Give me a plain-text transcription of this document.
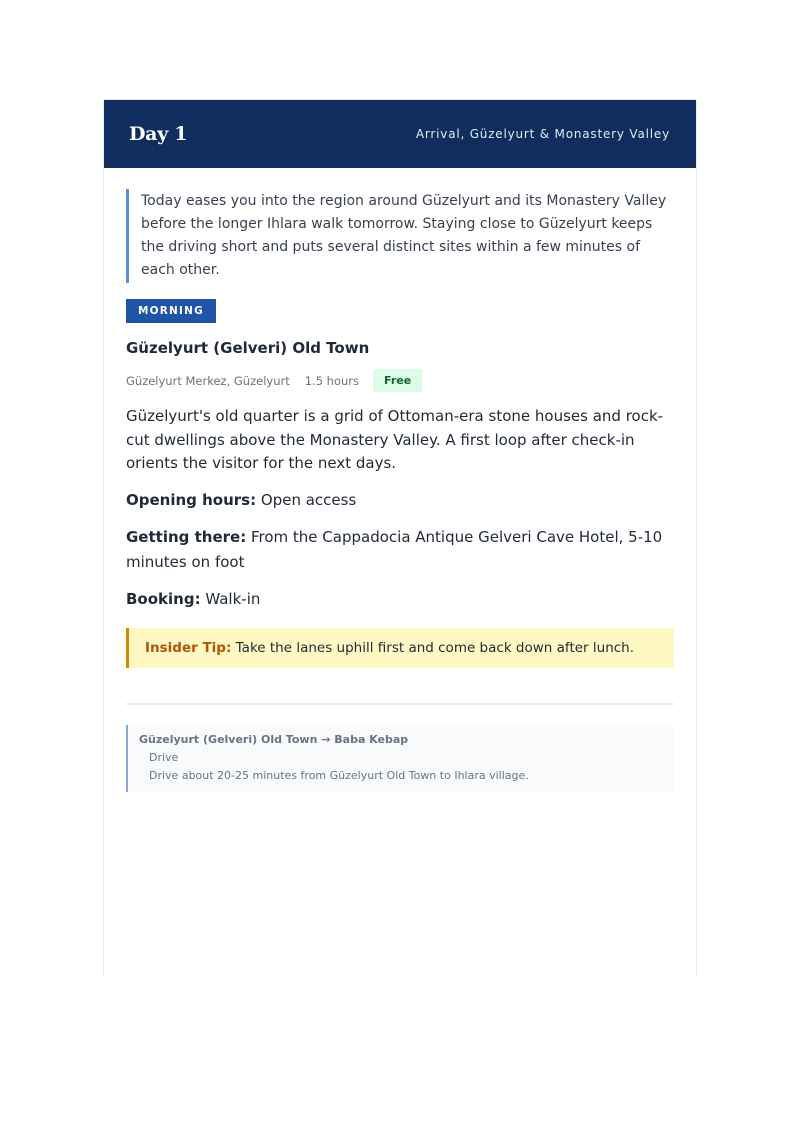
Day 1	Arrival, Güzelyurt & Monastery Valley
Today eases you into the region around Güzelyurt and its Monastery Valley before the longer Ihlara walk tomorrow. Staying close to Güzelyurt keeps the driving short and puts several distinct sites within a few minutes of each other.
MORNING
Güzelyurt (Gelveri) Old Town
Güzelyurt Merkez, Güzelyurt 1.5 hours	Free
Güzelyurt's old quarter is a grid of Ottoman-era stone houses and rock-cut dwellings above the Monastery Valley. A first loop after check-in orients the visitor for the next days.
Opening hours: Open access
Getting there: From the Cappadocia Antique Gelveri Cave Hotel, 5-10 minutes on foot
Booking: Walk-in
Insider Tip: Take the lanes uphill first and come back down after lunch.
Güzelyurt (Gelveri) Old Town → Baba Kebap
Drive
Drive about 20-25 minutes from Güzelyurt Old Town to Ihlara village.
